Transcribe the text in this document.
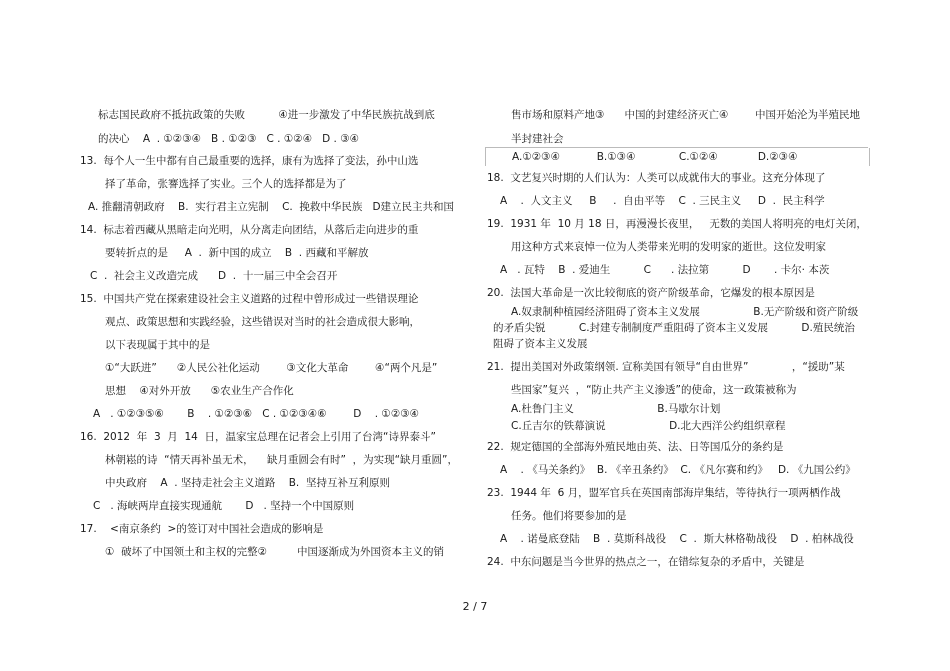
标志国民政府不抵抗政策的失败          ④进一步激发了中华民族抗战到底
的决心    A  . ①②③④   B . ①②③   C . ①②④   D . ③④
13.  每个人一生中都有自己最重要的选择，康有为选择了变法，孙中山选
择了革命，张謇选择了实业。三个人的选择都是为了
A. 推翻清朝政府    B.  实行君主立宪制    C.  挽救中华民族   D建立民主共和国
14.  标志着西藏从黑暗走向光明，从分离走向团结，从落后走向进步的重
要转折点的是     A  .  新中国的成立    B  . 西藏和平解放
C  .  社会主义改造完成      D  .  十一届三中全会召开
15.  中国共产党在探索建设社会主义道路的过程中曾形成过一些错误理论
观点、政策思想和实践经验，这些错误对当时的社会造成很大影响，
以下表现属于其中的是
①“大跃进”      ②人民公社化运动        ③文化大革命        ④“两个凡是”
思想    ④对外开放      ⑤农业生产合作化
A   . ①②③⑤⑥       B    . ①②③⑥   C . ①②③④⑥        D    . ①②③④
16.  2012  年  3  月  14  日，温家宝总理在记者会上引用了台湾“诗界泰斗”
林朝崧的诗  “情天再补虽无术，    缺月重圆会有时”  ，为实现“缺月重圆”，
中央政府    A  . 坚持走社会主义道路    B.  坚持互补互利原则
C   . 海峡两岸直接实现通航       D   . 坚持一个中国原则
17.    <南京条约  >的签订对中国社会造成的影响是
①  破坏了中国领土和主权的完整②         中国逐渐成为外国资本主义的销
售市场和原料产地③      中国的封建经济灭亡④        中国开始沦为半殖民地
半封建社会
A.①②③④           B.①③④             C.①②④            D.②③④
18.  文艺复兴时期的人们认为：人类可以成就伟大的事业。这充分体现了
A    .  人文主义     B     .  自由平等    C  . 三民主义     D  .  民主科学
19.  1931 年  10 月 18 日，再漫漫长夜里，   无数的美国人将明亮的电灯关闭，
用这种方式来哀悼一位为人类带来光明的发明家的逝世。这位发明家
A   . 瓦特    B  . 爱迪生          C      . 法拉第          D       . 卡尔· 本茨
20.  法国大革命是一次比较彻底的资产阶级革命，它爆发的根本原因是
A.奴隶制种植园经济阻碍了资本主义发展                B.无产阶级和资产阶级
的矛盾尖锐          C.封建专制制度严重阻碍了资本主义发展          D.殖民统治
阻碍了资本主义发展
21.  提出美国对外政策纲领. 宣称美国有领导“自由世界”             ，“援助”某
些国家”复兴  ，“防止共产主义渗透”的使命，这一政策被称为
A.杜鲁门主义                         B.马歇尔计划
C.丘吉尔的铁幕演说                   D.北大西洋公约组织章程
22.  规定德国的全部海外殖民地由英、法、日等国瓜分的条约是
A    . 《马关条约》  B. 《辛丑条约》  C. 《凡尔赛和约》   D. 《九国公约》
23.  1944 年  6 月，盟军官兵在英国南部海岸集结，等待执行一项两栖作战
任务。他们将要参加的是
A    . 诺曼底登陆    B  . 莫斯科战役    C  .  斯大林格勒战役    D  . 柏林战役
24.  中东问题是当今世界的热点之一，在错综复杂的矛盾中，关键是
2 / 7
